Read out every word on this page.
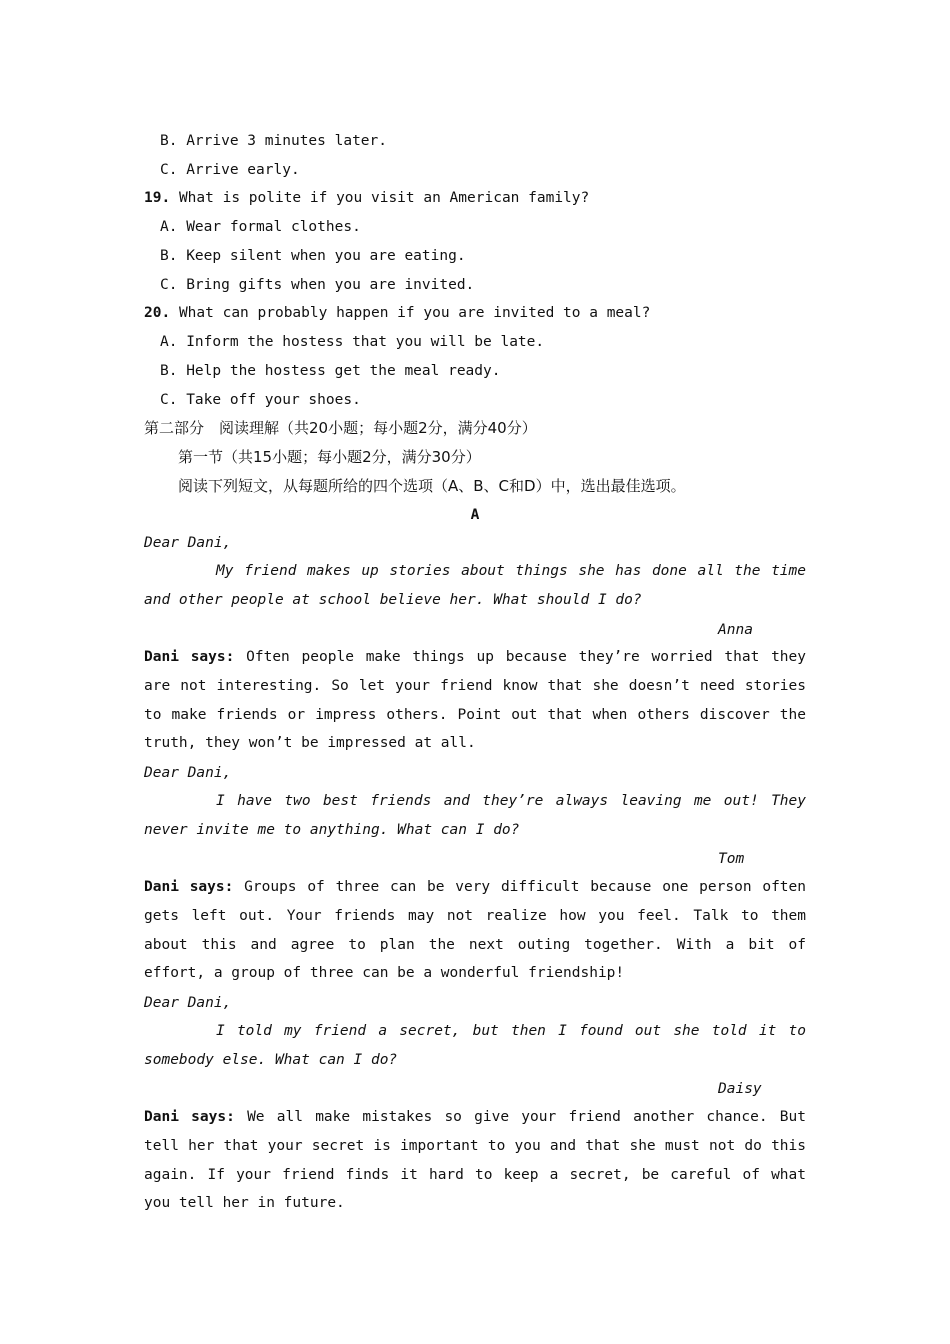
B. Arrive 3 minutes later.
C. Arrive early.
19. What is polite if you visit an American family?
A. Wear formal clothes.
B. Keep silent when you are eating.
C. Bring gifts when you are invited.
20. What can probably happen if you are invited to a meal?
A. Inform the hostess that you will be late.
B. Help the hostess get the meal ready.
C. Take off your shoes.
第二部分　阅读理解（共20小题；每小题2分，满分40分）
第一节（共15小题；每小题2分，满分30分）
阅读下列短文，从每题所给的四个选项（A、B、C和D）中，选出最佳选项。
A
Dear Dani,
My friend makes up stories about things she has done all the time and other people at school believe her. What should I do?
Anna
Dani says: Often people make things up because they’re worried that they are not interesting. So let your friend know that she doesn’t need stories to make friends or impress others. Point out that when others discover the truth, they won’t be impressed at all.
Dear Dani,
I have two best friends and they’re always leaving me out! They never invite me to anything. What can I do?
Tom
Dani says: Groups of three can be very difficult because one person often gets left out. Your friends may not realize how you feel. Talk to them about this and agree to plan the next outing together. With a bit of effort, a group of three can be a wonderful friendship!
Dear Dani,
I told my friend a secret, but then I found out she told it to somebody else. What can I do?
Daisy
Dani says: We all make mistakes so give your friend another chance. But tell her that your secret is important to you and that she must not do this again. If your friend finds it hard to keep a secret, be careful of what you tell her in future.
